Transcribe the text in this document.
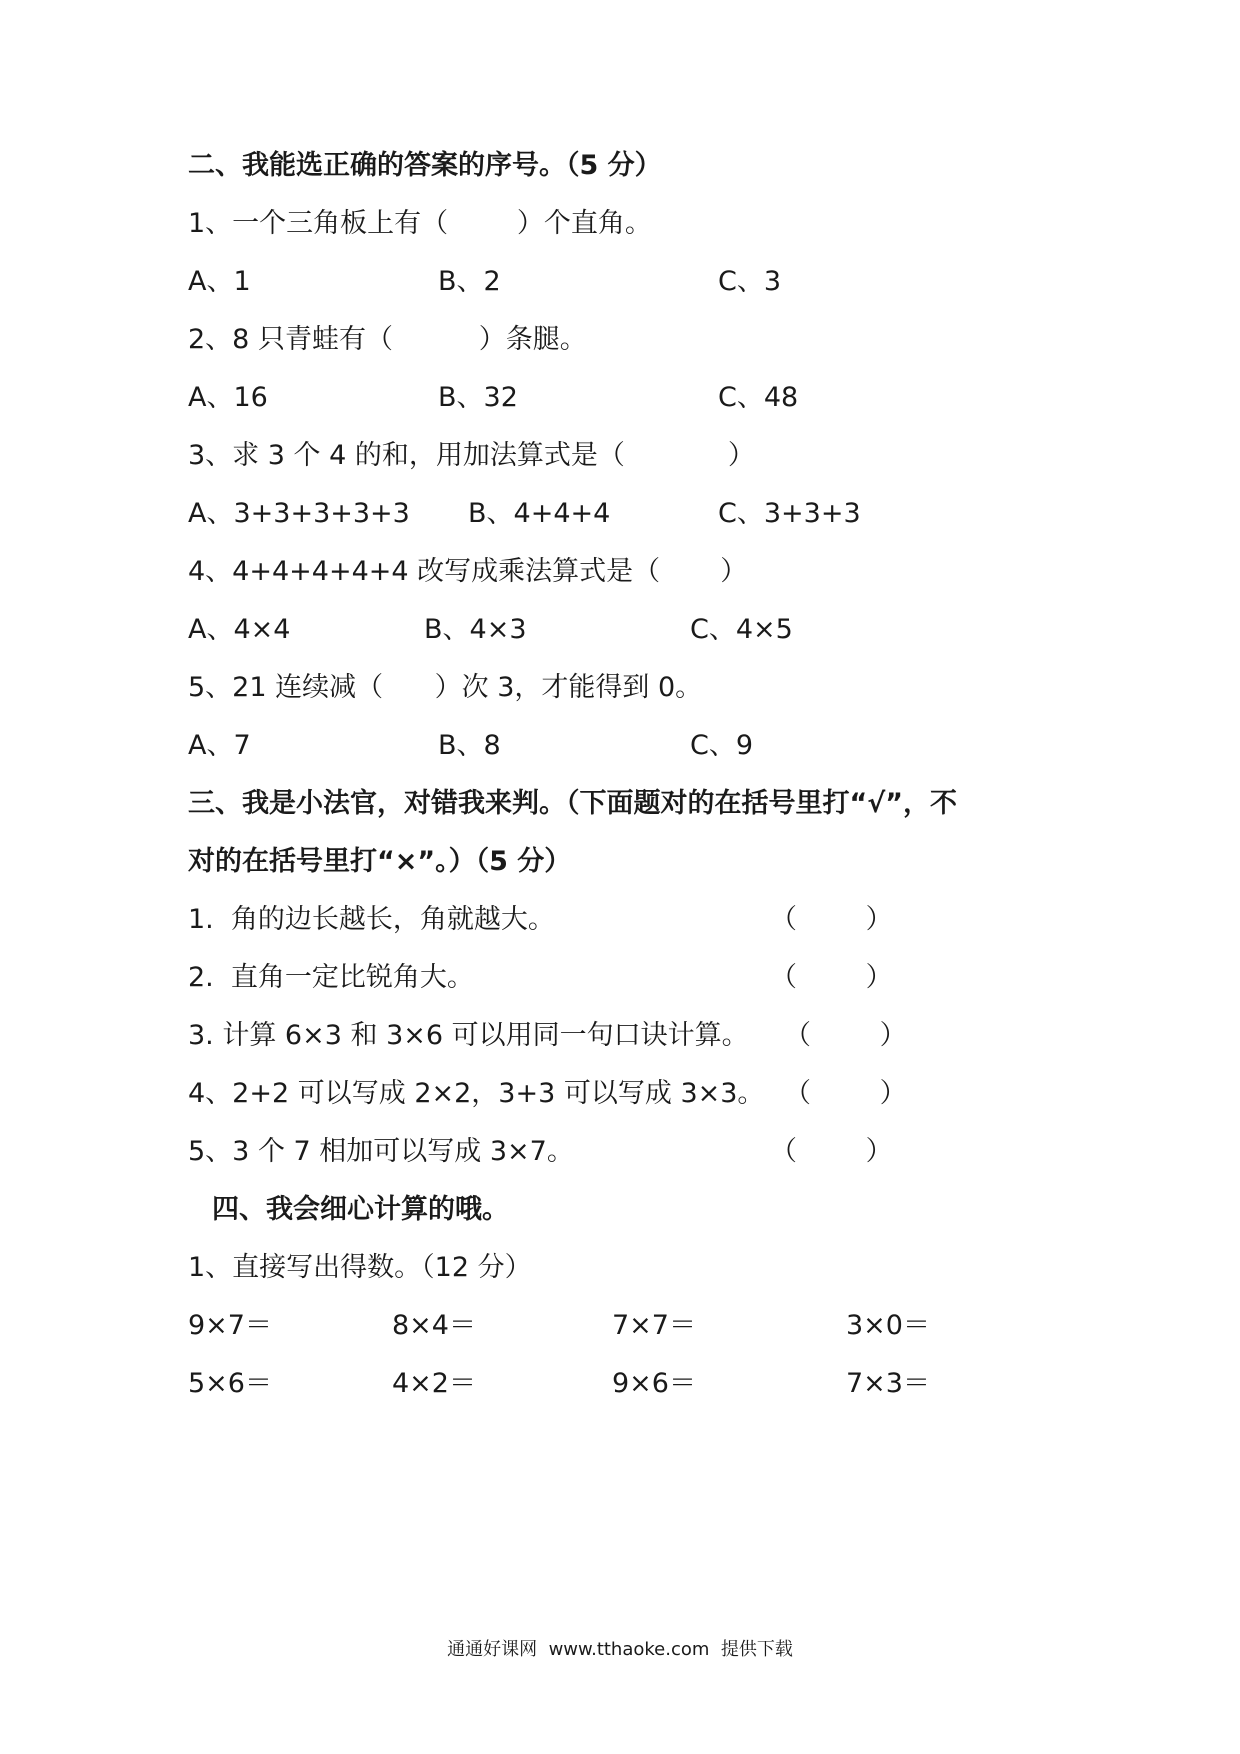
二、我能选正确的答案的序号。（5 分）
1、一个三角板上有（        ）个直角。
A、1	B、2	C、3
2、8 只青蛙有（          ）条腿。
A、16	B、32	C、48
3、求 3 个 4 的和，用加法算式是（            ）
A、3+3+3+3+3 B、4+4+4	C、3+3+3
4、4+4+4+4+4 改写成乘法算式是（       ）
A、4×4	B、4×3	C、4×5
5、21 连续减（      ）次 3，才能得到 0。
A、7	B、8	C、9
三、我是小法官，对错我来判。（下面题对的在括号里打“√”，不
对的在括号里打“×”。）（5 分）
1.  角的边长越长，角就越大。	（        ）
2.  直角一定比锐角大。	（        ）
3. 计算 6×3 和 3×6 可以用同一句口诀计算。 （        ）
4、2+2 可以写成 2×2，3+3 可以写成 3×3。 （        ）
5、3 个 7 相加可以写成 3×7。	（        ）
四、我会细心计算的哦。
1、直接写出得数。（12 分）
9×7＝	8×4＝	7×7＝	3×0＝
5×6＝	4×2＝	9×6＝	7×3＝
通通好课网  www.tthaoke.com  提供下载
